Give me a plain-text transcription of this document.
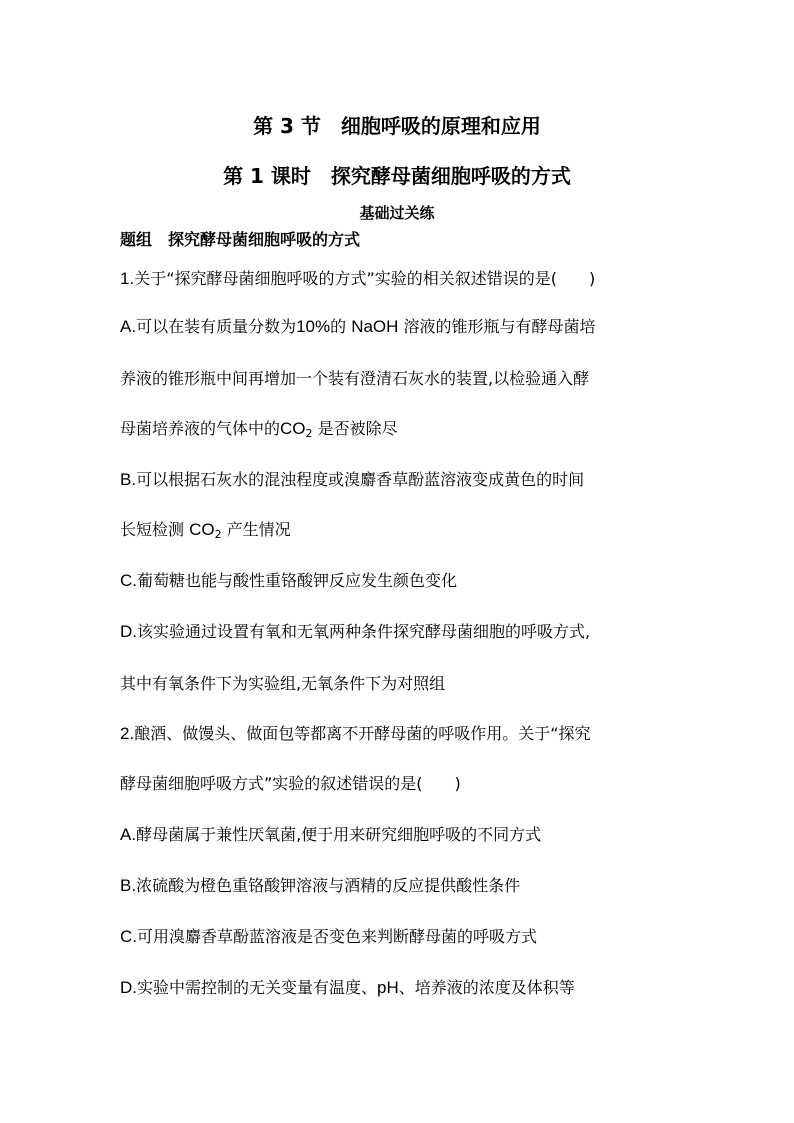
第 3 节　细胞呼吸的原理和应用
第 1 课时　探究酵母菌细胞呼吸的方式
基础过关练
题组　探究酵母菌细胞呼吸的方式
1.关于“探究酵母菌细胞呼吸的方式”实验的相关叙述错误的是(　　)
A.可以在装有质量分数为10%的 NaOH 溶液的锥形瓶与有酵母菌培
养液的锥形瓶中间再增加一个装有澄清石灰水的装置,以检验通入酵
母菌培养液的气体中的CO2 是否被除尽
B.可以根据石灰水的混浊程度或溴麝香草酚蓝溶液变成黄色的时间
长短检测 CO2 产生情况
C.葡萄糖也能与酸性重铬酸钾反应发生颜色变化
D.该实验通过设置有氧和无氧两种条件探究酵母菌细胞的呼吸方式,
其中有氧条件下为实验组,无氧条件下为对照组
2.酿酒、做馒头、做面包等都离不开酵母菌的呼吸作用。关于“探究
酵母菌细胞呼吸方式”实验的叙述错误的是(　　)
A.酵母菌属于兼性厌氧菌,便于用来研究细胞呼吸的不同方式
B.浓硫酸为橙色重铬酸钾溶液与酒精的反应提供酸性条件
C.可用溴麝香草酚蓝溶液是否变色来判断酵母菌的呼吸方式
D.实验中需控制的无关变量有温度、pH、培养液的浓度及体积等
